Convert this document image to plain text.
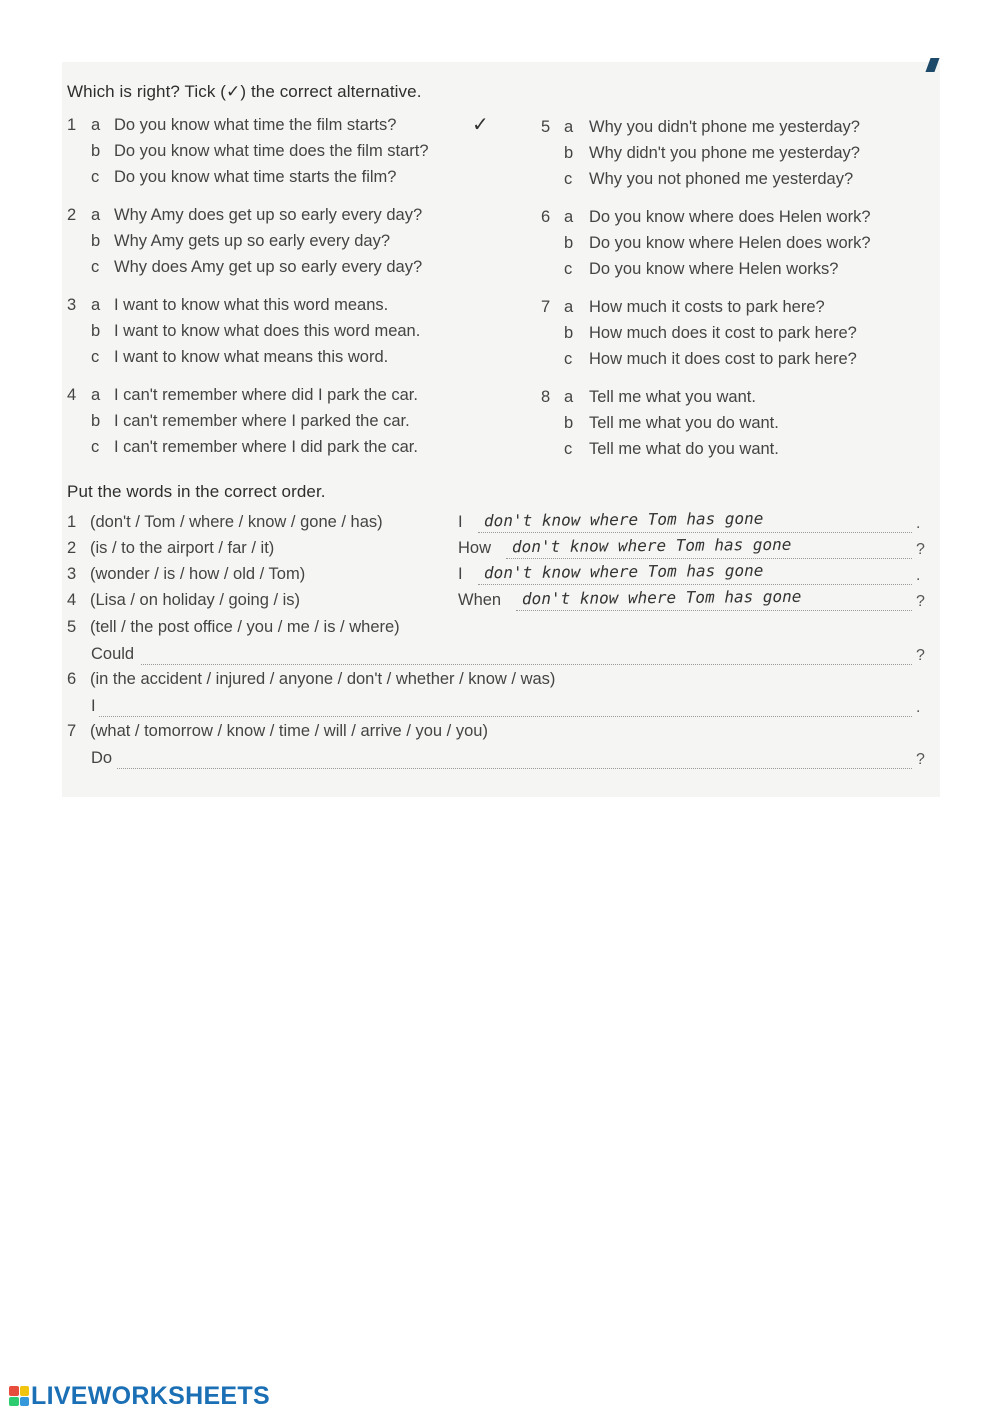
Which is right? Tick (✓) the correct alternative.
1 a Do you know what time the film starts?	✓
b Do you know what time does the film start?
c Do you know what time starts the film?
2 a Why Amy does get up so early every day?
b Why Amy gets up so early every day?
c Why does Amy get up so early every day?
3 a I want to know what this word means.
b I want to know what does this word mean.
c I want to know what means this word.
4 a I can't remember where did I park the car.
b I can't remember where I parked the car.
c I can't remember where I did park the car.
5 a Why you didn't phone me yesterday?
b Why didn't you phone me yesterday?
c Why you not phoned me yesterday?
6 a Do you know where does Helen work?
b Do you know where Helen does work?
c Do you know where Helen works?
7 a How much it costs to park here?
b How much does it cost to park here?
c How much it does cost to park here?
8 a Tell me what you want.
b Tell me what you do want.
c Tell me what do you want.
Put the words in the correct order.
1 (don't / Tom / where / know / gone / has)	I don't know where Tom has gone	.
2 (is / to the airport / far / it)	How don't know where Tom has gone	?
3 (wonder / is / how / old / Tom)	I don't know where Tom has gone	.
4 (Lisa / on holiday / going / is)	When don't know where Tom has gone	?
5 (tell / the post office / you / me / is / where)
Could	?
6 (in the accident / injured / anyone / don't / whether / know / was)
I	.
7 (what / tomorrow / know / time / will / arrive / you / you)
Do	?
LIVEWORKSHEETS
